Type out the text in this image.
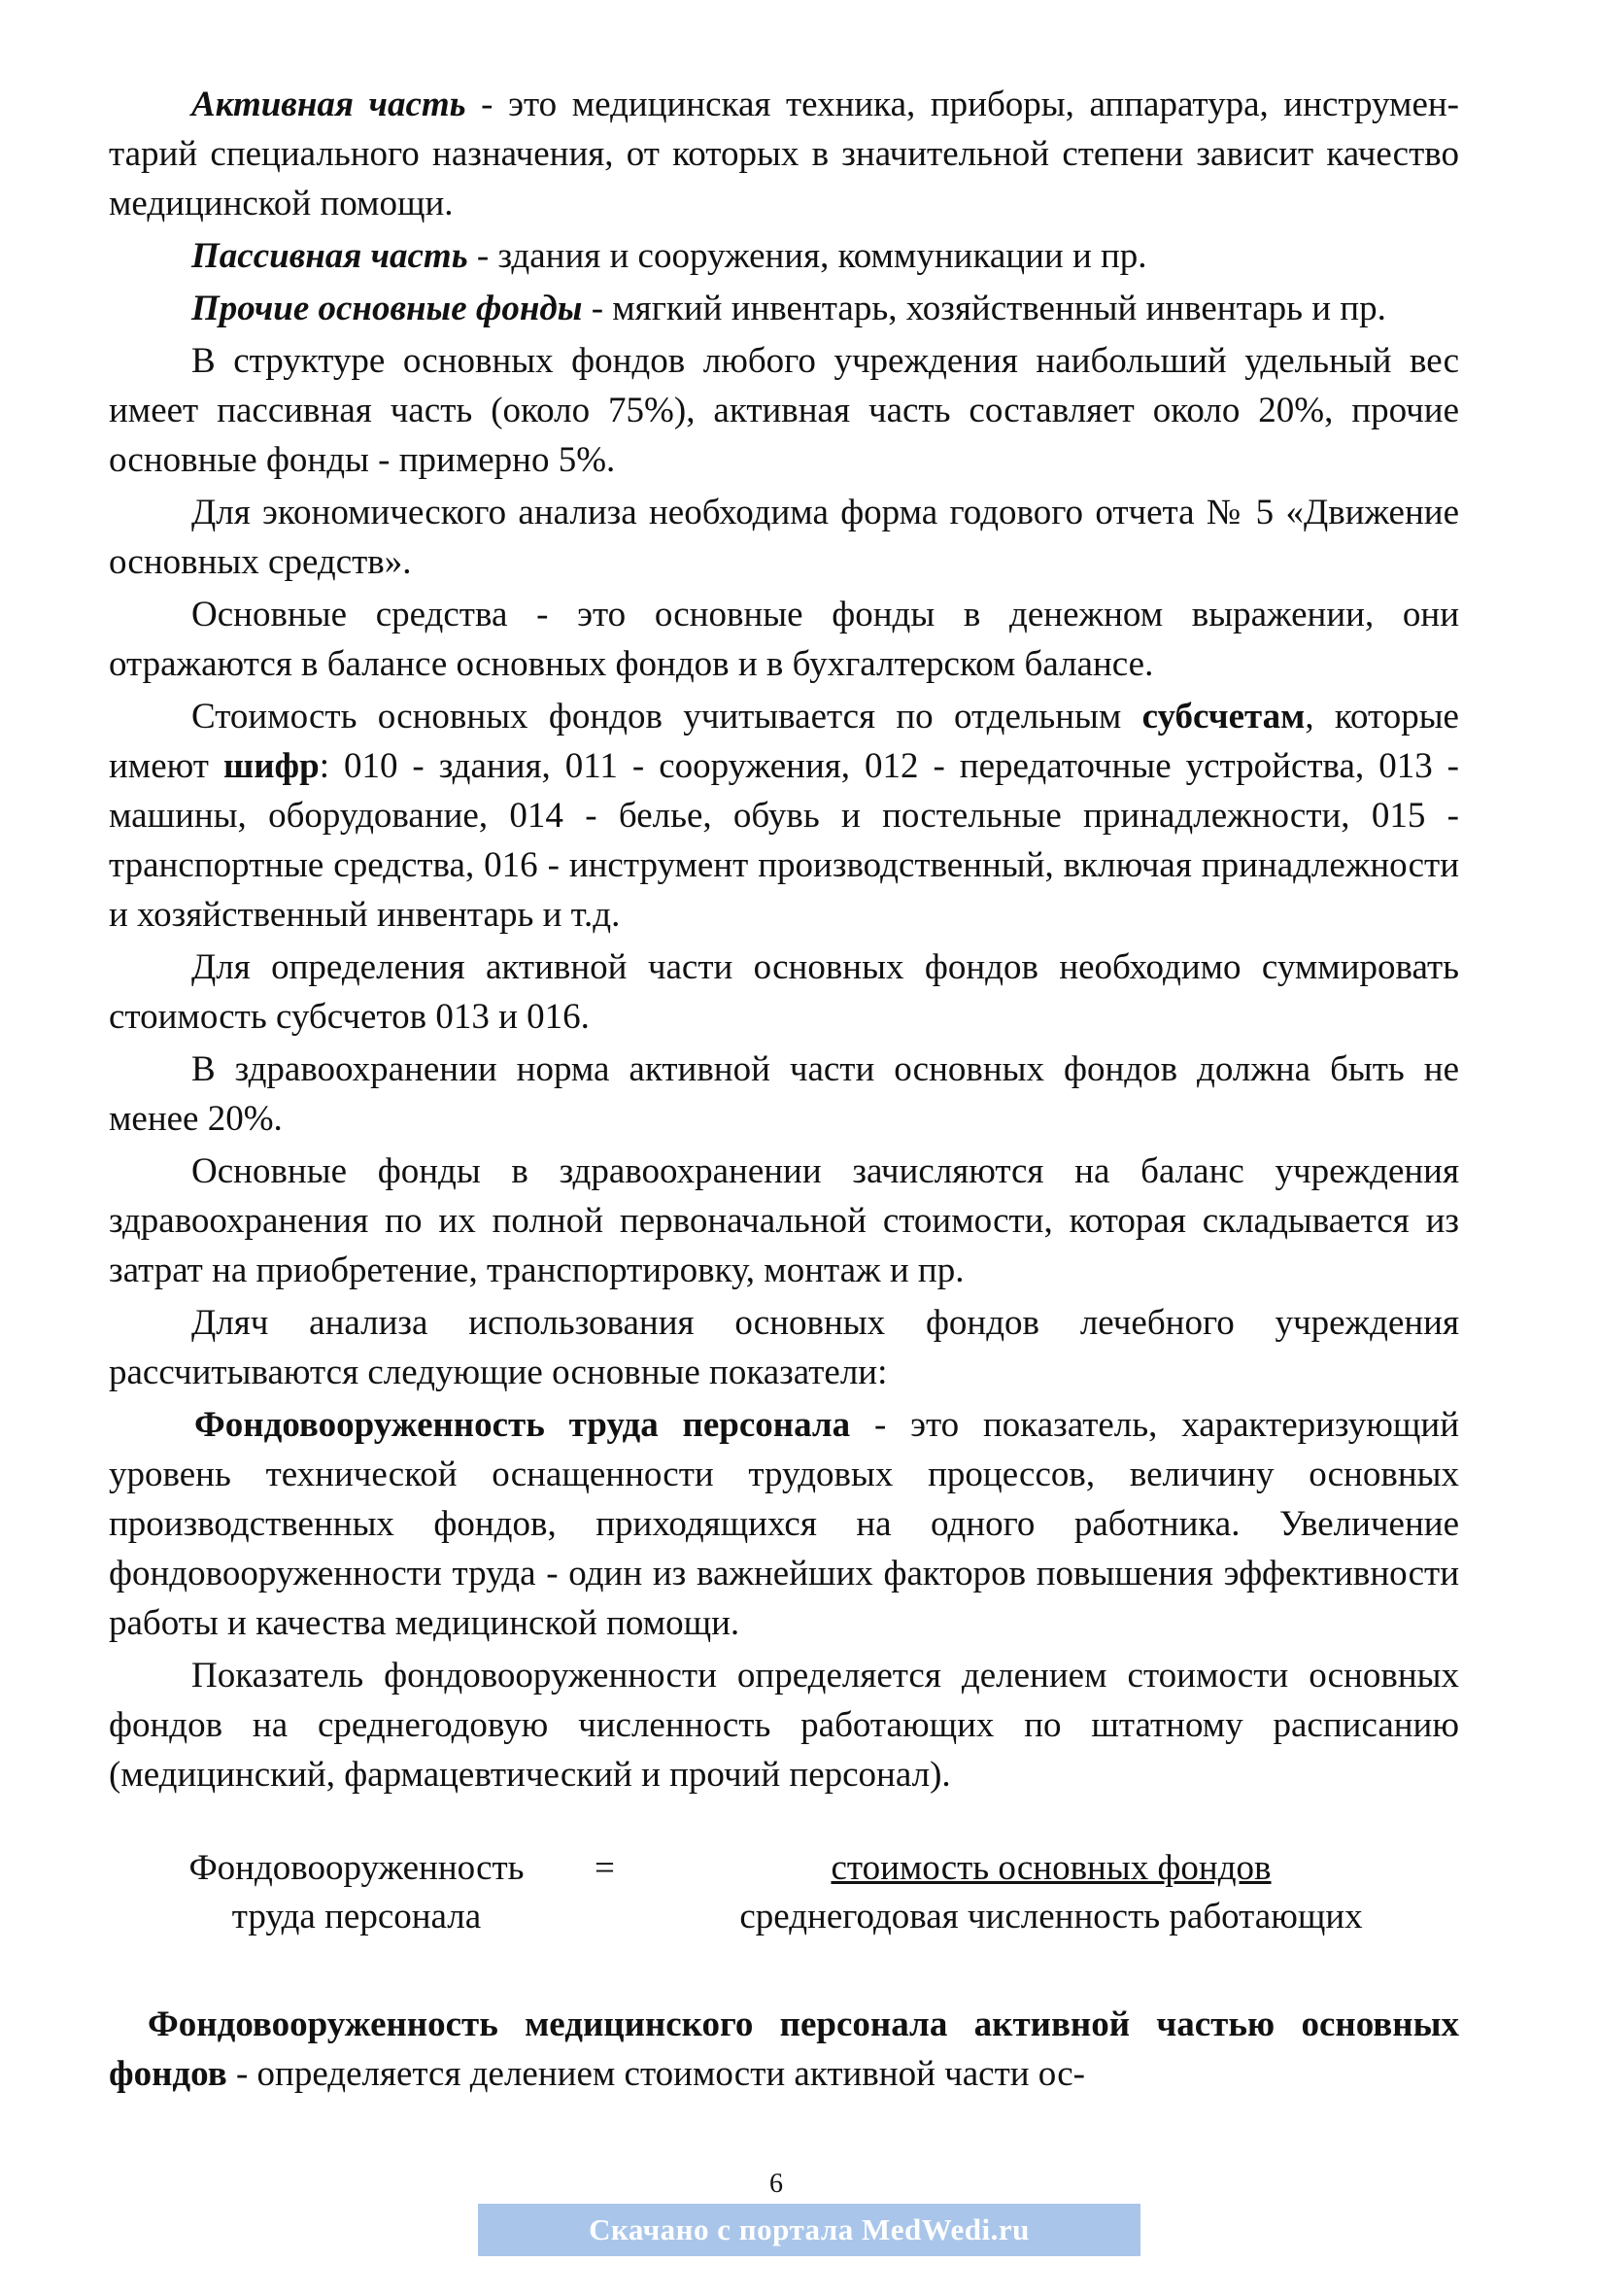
Активная часть - это медицинская техника, приборы, аппаратура, инструмен- тарий специального назначения, от которых в значительной степени зависит качество медицинской помощи.

Пассивная часть - здания и сооружения, коммуникации и пр.

Прочие основные фонды - мягкий инвентарь, хозяйственный инвентарь и пр.

В структуре основных фондов любого учреждения наибольший удельный вес имеет пассивная часть (около 75%), активная часть составляет около 20%, прочие основные фонды - примерно 5%.

Для экономического анализа необходима форма годового отчета № 5 «Движение основных средств».

Основные средства - это основные фонды в денежном выражении, они отражаются в балансе основных фондов и в бухгалтерском балансе.

Стоимость основных фондов учитывается по отдельным субсчетам, которые имеют шифр: 010 - здания, 011 - сооружения, 012 - передаточные устройства, 013 - машины, оборудование, 014 - белье, обувь и постельные принадлежности, 015 - транспортные средства, 016 - инструмент производственный, включая принадлежности и хозяйственный инвентарь и т.д.

Для определения активной части основных фондов необходимо суммировать стоимость субсчетов 013 и 016.

В здравоохранении норма активной части основных фондов должна быть не менее 20%.

Основные фонды в здравоохранении зачисляются на баланс учреждения здравоохранения по их полной первоначальной стоимости, которая складывается из затрат на приобретение, транспортировку, монтаж и пр.

Дляч анализа использования основных фондов лечебного учреждения рассчитываются следующие основные показатели:

Фондовооруженность труда персонала - это показатель, характеризующий уровень технической оснащенности трудовых процессов, величину основных производственных фондов, приходящихся на одного работника. Увеличение фондовооруженности труда - один из важнейших факторов повышения эффективности работы и качества медицинской помощи.

Показатель фондовооруженности определяется делением стоимости основных фондов на среднегодовую численность работающих по штатному расписанию (медицинский, фармацевтический и прочий персонал).

Фондовооруженность
труда персонала
=	стоимость основных фондов
среднегодовая численность работающих

Фондовооруженность медицинского персонала активной частью основных фондов - определяется делением стоимости активной части ос-

6
Скачано с портала MedWedi.ru
